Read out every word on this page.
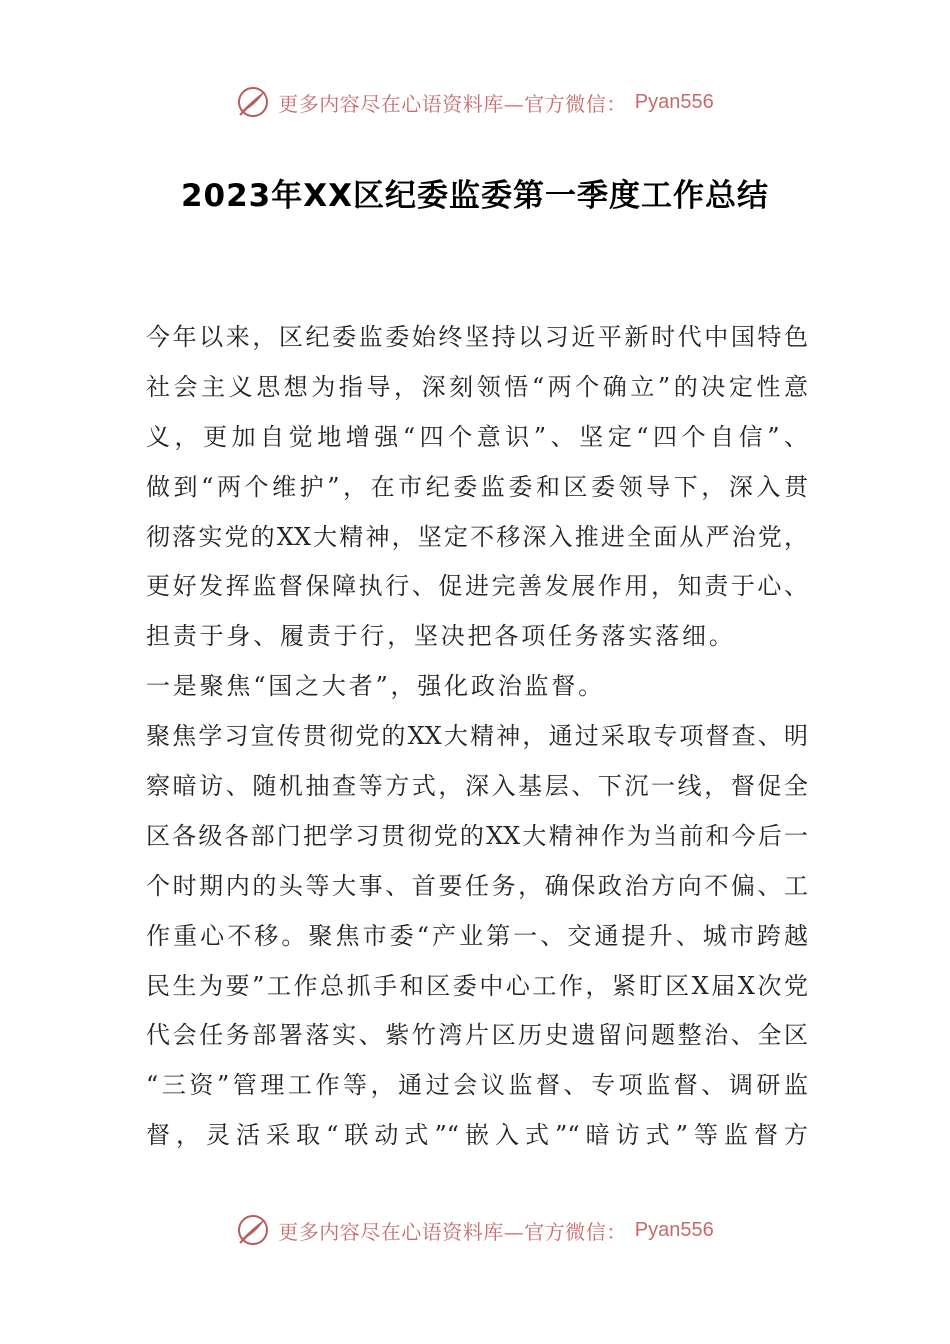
更多内容尽在心语资料库—官方微信： Pyan556
2023年XX区纪委监委第一季度工作总结
今年以来，区纪委监委始终坚持以习近平新时代中国特色
社会主义思想为指导，深刻领悟“两个确立”的决定性意
义，更加自觉地增强“四个意识”、坚定“四个自信”、
做到“两个维护”，在市纪委监委和区委领导下，深入贯
彻落实党的XX大精神，坚定不移深入推进全面从严治党，
更好发挥监督保障执行、促进完善发展作用，知责于心、
担责于身、履责于行，坚决把各项任务落实落细。
一是聚焦“国之大者”，强化政治监督。
聚焦学习宣传贯彻党的XX大精神，通过采取专项督查、明
察暗访、随机抽查等方式，深入基层、下沉一线，督促全
区各级各部门把学习贯彻党的XX大精神作为当前和今后一
个时期内的头等大事、首要任务，确保政治方向不偏、工
作重心不移。聚焦市委“产业第一、交通提升、城市跨越
民生为要”工作总抓手和区委中心工作，紧盯区X届X次党
代会任务部署落实、紫竹湾片区历史遗留问题整治、全区
“三资”管理工作等，通过会议监督、专项监督、调研监
督，灵活采取“联动式”“嵌入式”“暗访式”等监督方
更多内容尽在心语资料库—官方微信： Pyan556
